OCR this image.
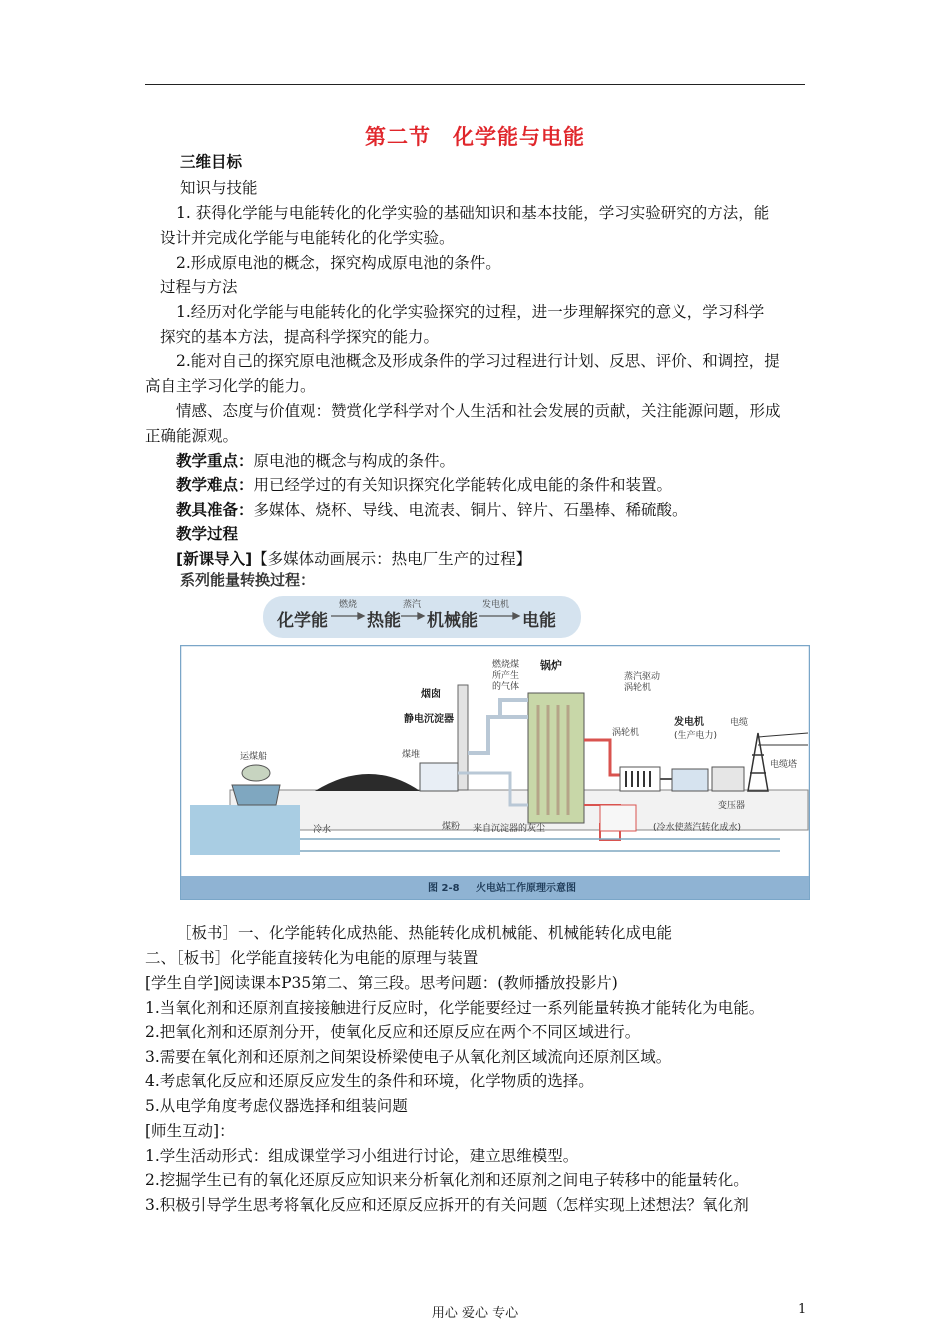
第二节　化学能与电能
三维目标
知识与技能
1. 获得化学能与电能转化的化学实验的基础知识和基本技能，学习实验研究的方法，能
设计并完成化学能与电能转化的化学实验。
2.形成原电池的概念，探究构成原电池的条件。
过程与方法
1.经历对化学能与电能转化的化学实验探究的过程，进一步理解探究的意义，学习科学
探究的基本方法，提高科学探究的能力。
2.能对自己的探究原电池概念及形成条件的学习过程进行计划、反思、评价、和调控，提
高自主学习化学的能力。
情感、态度与价值观：赞赏化学科学对个人生活和社会发展的贡献，关注能源问题，形成
正确能源观。
教学重点：原电池的概念与构成的条件。
教学难点：用已经学过的有关知识探究化学能转化成电能的条件和装置。
教具准备：多媒体、烧杯、导线、电流表、铜片、锌片、石墨棒、稀硫酸。
教学过程
[新课导入]【多媒体动画展示：热电厂生产的过程】
系列能量转换过程：
化学能
燃烧
热能
蒸汽
机械能
发电机
电能
燃烧煤
所产生
的气体
锅炉
烟囱
静电沉淀器
煤堆
运煤船
蒸汽驱动
涡轮机
涡轮机
发电机
(生产电力)
电缆
电缆塔
变压器
冷水	煤粉 来自沉淀器的灰尘	(冷水使蒸汽转化成水)
图 2-8 火电站工作原理示意图
［板书］一、化学能转化成热能、热能转化成机械能、机械能转化成电能
二、［板书］化学能直接转化为电能的原理与装置
[学生自学]阅读课本P35第二、第三段。思考问题：(教师播放投影片)
1.当氧化剂和还原剂直接接触进行反应时，化学能要经过一系列能量转换才能转化为电能。
2.把氧化剂和还原剂分开，使氧化反应和还原反应在两个不同区域进行。
3.需要在氧化剂和还原剂之间架设桥梁使电子从氧化剂区域流向还原剂区域。
4.考虑氧化反应和还原反应发生的条件和环境，化学物质的选择。
5.从电学角度考虑仪器选择和组装问题
[师生互动]：
1.学生活动形式：组成课堂学习小组进行讨论，建立思维模型。
2.挖掘学生已有的氧化还原反应知识来分析氧化剂和还原剂之间电子转移中的能量转化。
3.积极引导学生思考将氧化反应和还原反应拆开的有关问题（怎样实现上述想法？氧化剂
用心 爱心 专心	1
